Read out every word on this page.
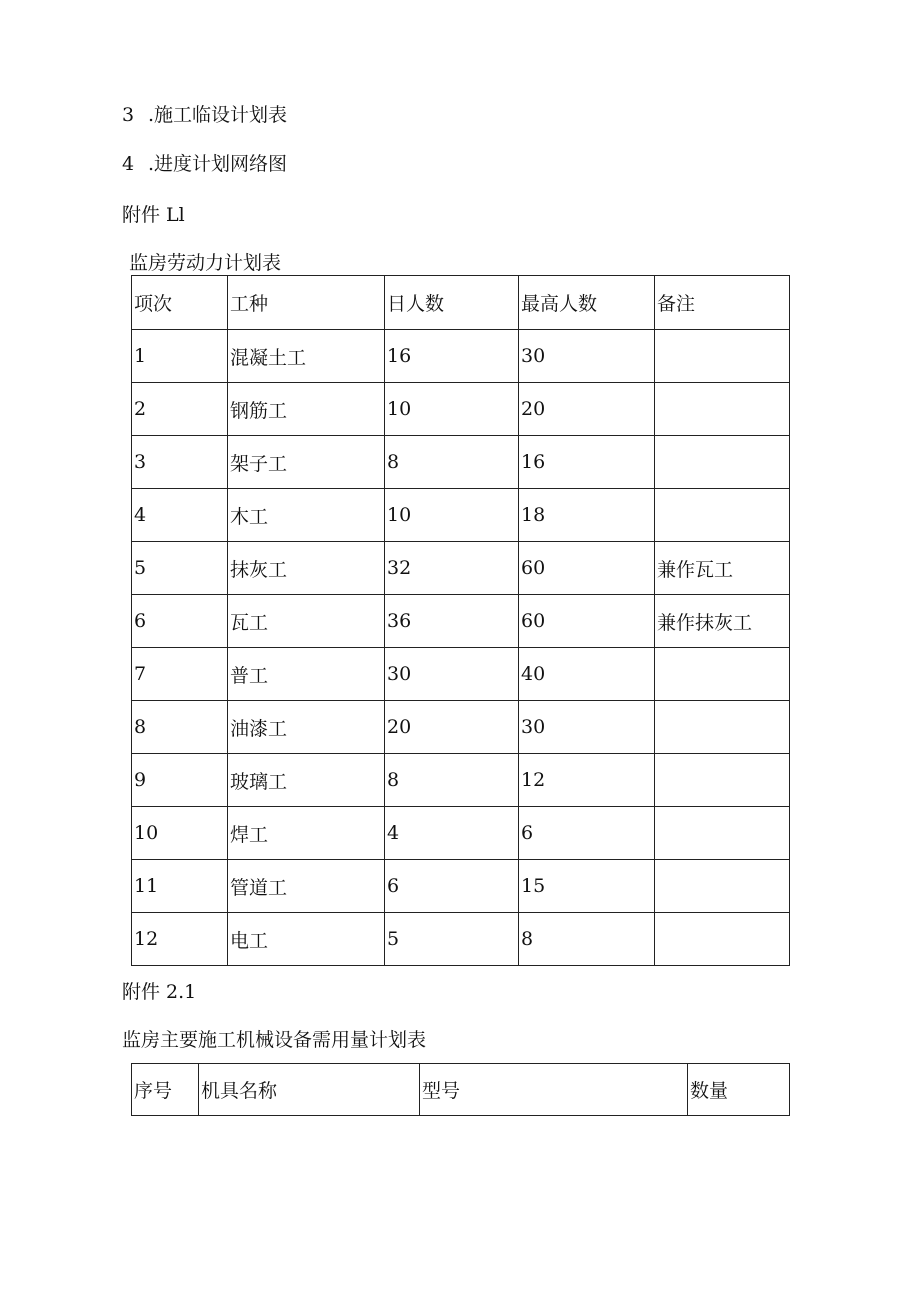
3 .施工临设计划表
4 .进度计划网络图
附件 Ll
监房劳动力计划表
项次	工种	日人数	最高人数	备注
1	混凝土工	16	30	
2	钢筋工	10	20	
3	架子工	8	16	
4	木工	10	18	
5	抹灰工	32	60	兼作瓦工
6	瓦工	36	60	兼作抹灰工
7	普工	30	40	
8	油漆工	20	30	
9	玻璃工	8	12	
10	焊工	4	6	
11	管道工	6	15	
12	电工	5	8	
附件 2.1
监房主要施工机械设备需用量计划表
序号	机具名称	型号	数量
